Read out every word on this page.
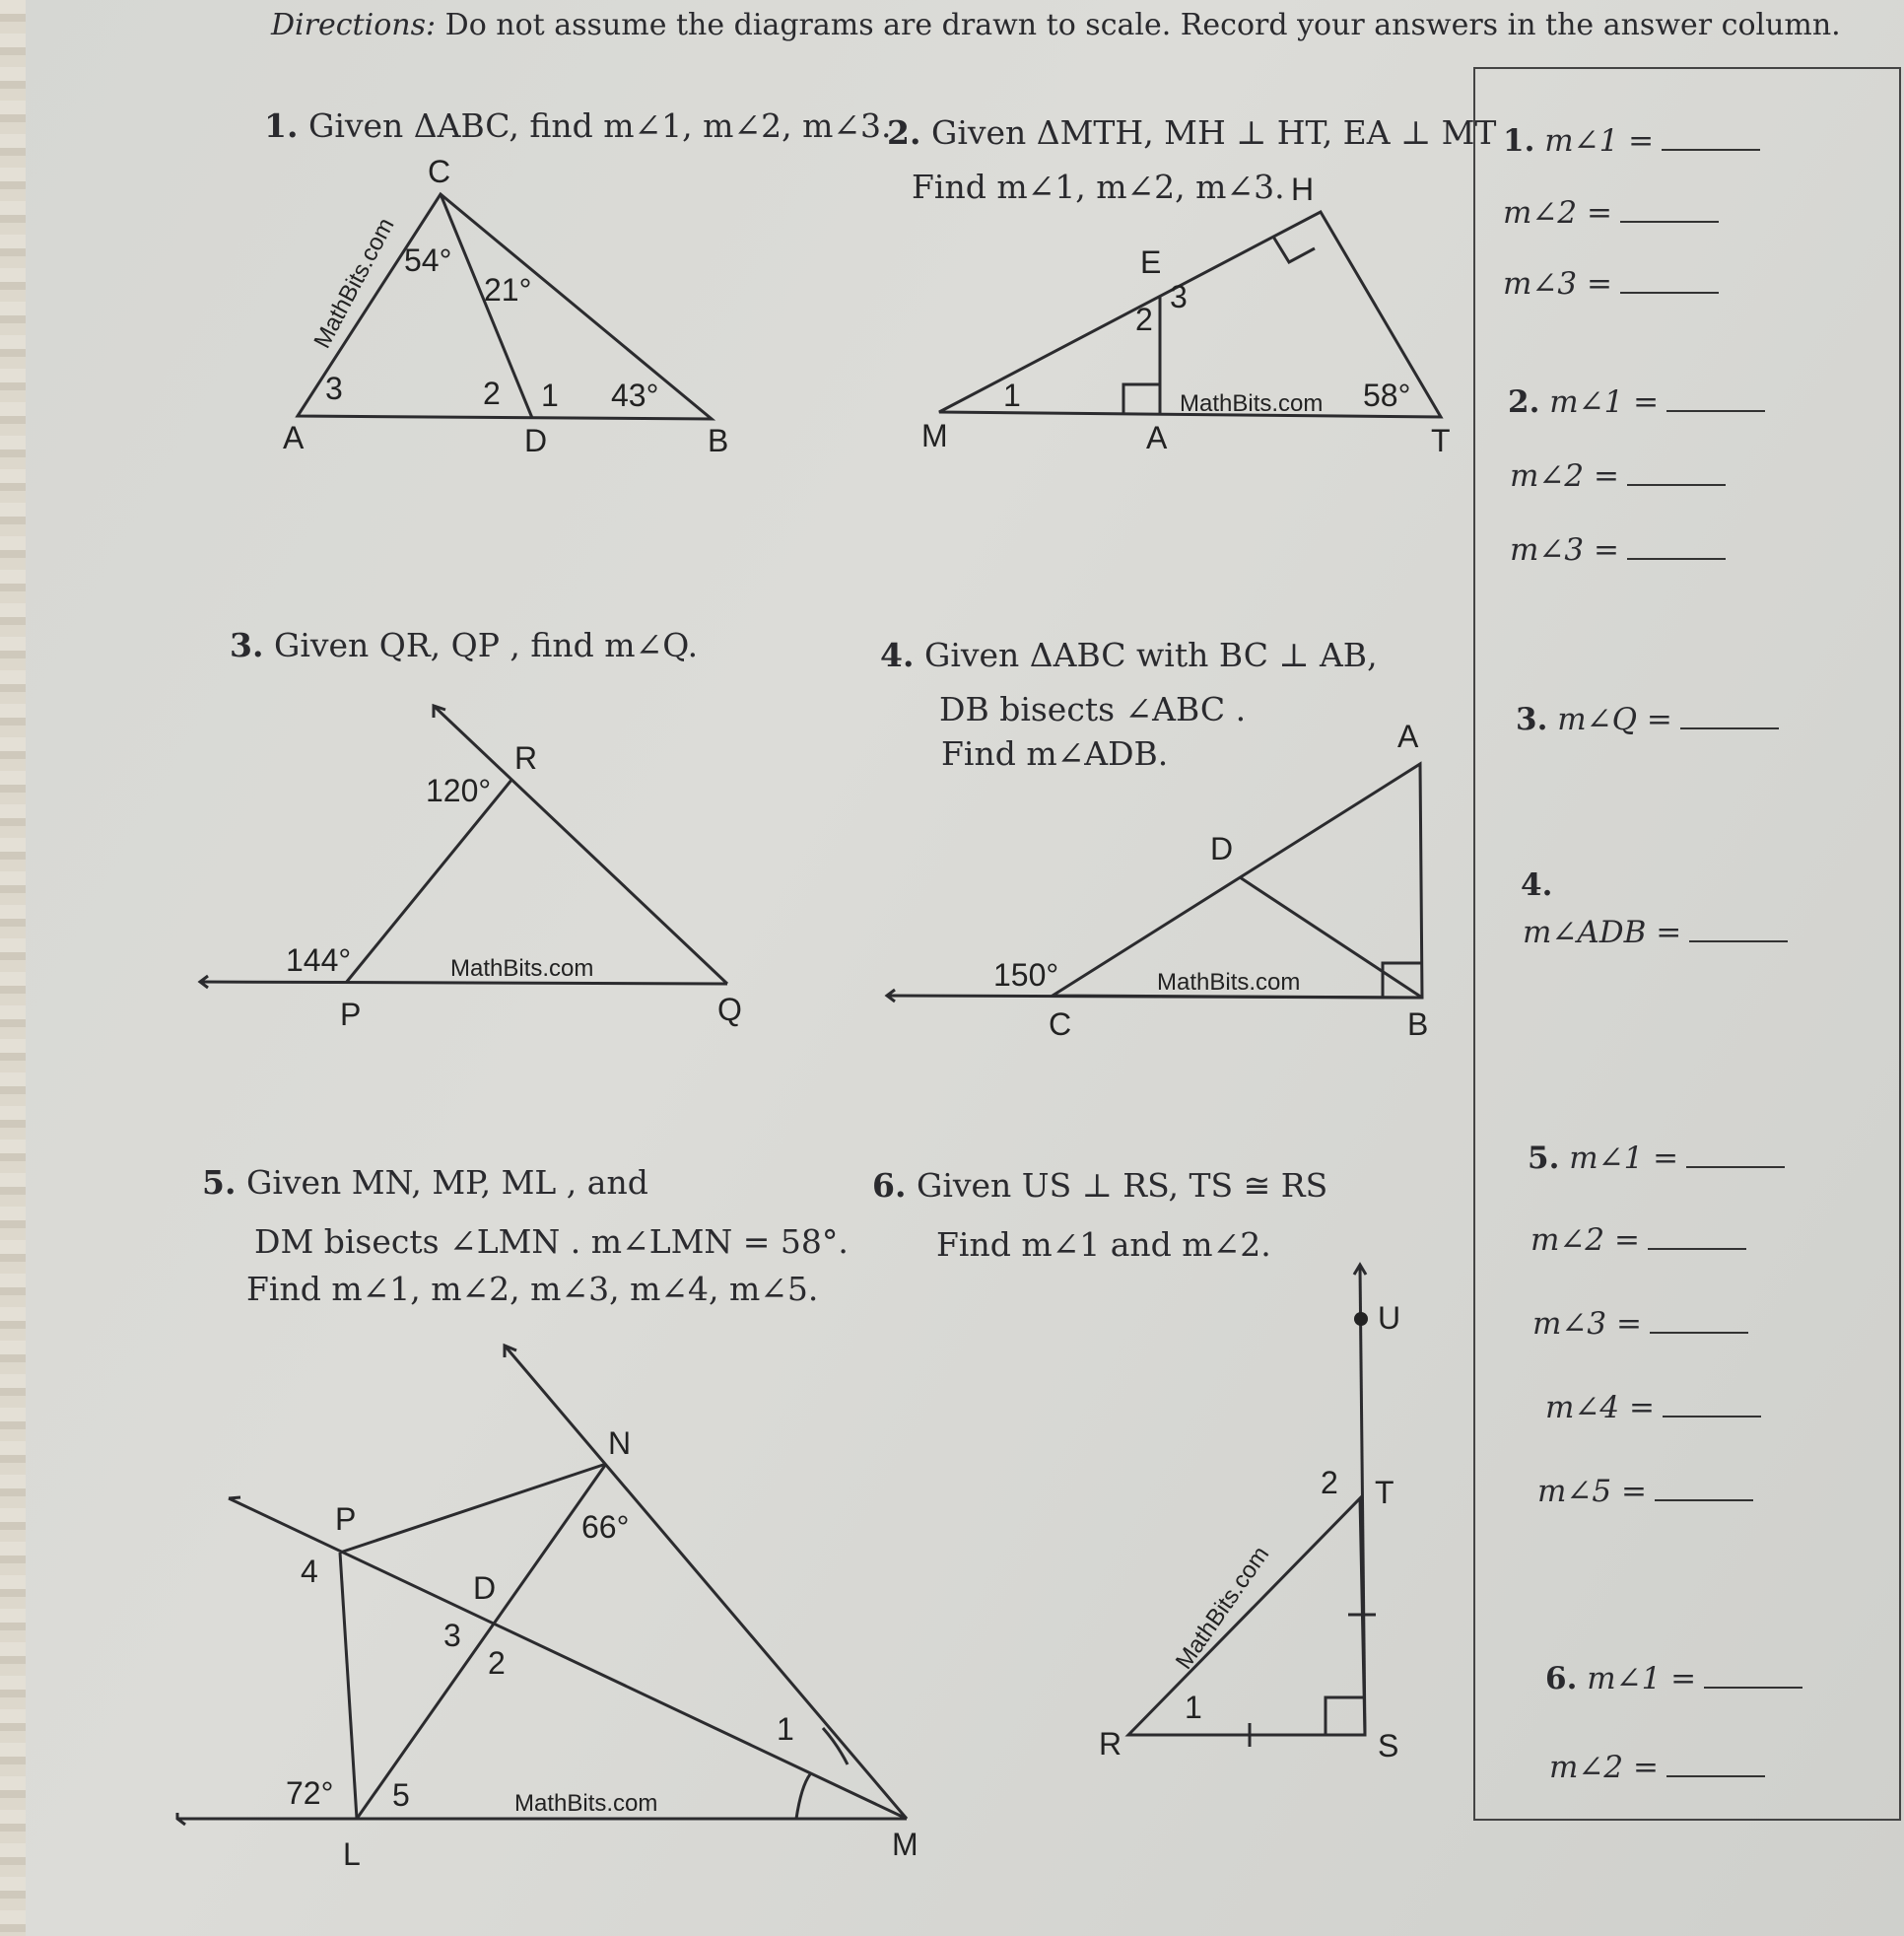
Directions: Do not assume the diagrams are drawn to scale. Record your answers in the answer column.
1. Given ΔABC, find m∠1, m∠2, m∠3.
2. Given ΔMTH, MH ⊥ HT, EA ⊥ MT
Find m∠1, m∠2, m∠3.
3. Given QR, QP , find m∠Q.	4. Given ΔABC with BC ⊥ AB,
DB bisects ∠ABC .
Find m∠ADB.
5. Given MN, MP, ML , and
DM bisects ∠LMN . m∠LMN = 58°.
Find m∠1, m∠2, m∠3, m∠4, m∠5.
6. Given US ⊥ RS, TS ≅ RS
Find m∠1 and m∠2.
C
A	D	B
54°
21°
43°
1
2
3
MathBits.com
H
E
M	A	T
58°
1
2
3
MathBits.com
R
P	Q
120°
144°	MathBits.com
A
D
C	B
150°	MathBits.com
N
P
D
L	M
66°
72°
1
2
3
4
5	MathBits.com
U
T
R	S
1
2
MathBits.com
1. m∠1 =
m∠2 =
m∠3 =
2. m∠1 =
m∠2 =
m∠3 =
3. m∠Q =
4.
m∠ADB =
5. m∠1 =
m∠2 =
m∠3 =
m∠4 =
m∠5 =
6. m∠1 =
m∠2 =
